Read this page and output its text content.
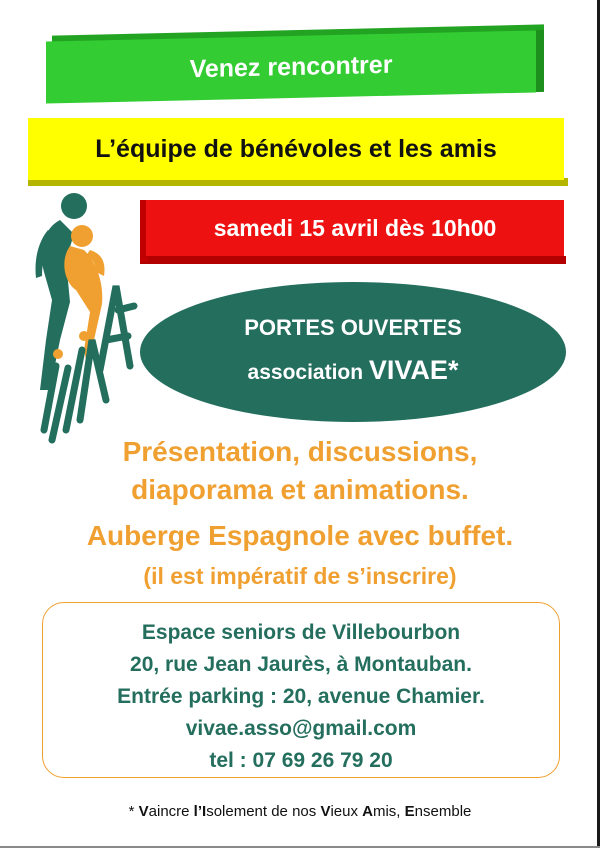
Venez rencontrer
L’équipe de bénévoles et les amis
samedi 15 avril dès 10h00
PORTES OUVERTES
association VIVAE*
Présentation, discussions,
diaporama et animations.
Auberge Espagnole avec buffet.
(il est impératif de s’inscrire)
Espace seniors de Villebourbon
20, rue Jean Jaurès, à Montauban.
Entrée parking : 20, avenue Chamier.
vivae.asso@gmail.com
tel : 07 69 26 79 20
* Vaincre l’Isolement de nos Vieux Amis, Ensemble
